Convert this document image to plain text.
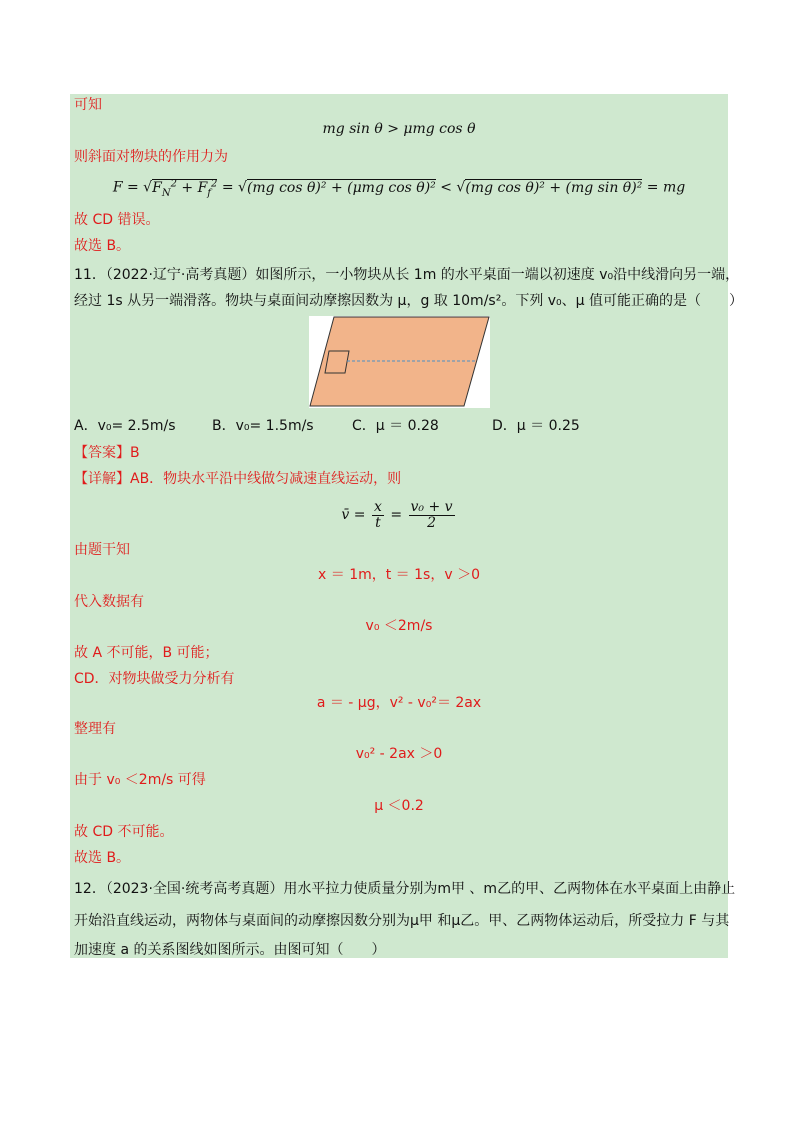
可知
mg sin θ > μmg cos θ
则斜面对物块的作用力为
$F = √F_N^2 + F_f^2 = √(mg$ cos θ)² + (μmg cos θ)² < √(mg cos θ)² + (mg sin θ)² = mg
故 CD 错误。
故选 B。
11．（2022·辽宁·高考真题）如图所示，一小物块从长 1m 的水平桌面一端以初速度 v₀沿中线滑向另一端，
经过 1s 从另一端滑落。物块与桌面间动摩擦因数为 μ，g 取 10m/s²。下列 v₀、μ 值可能正确的是（　　）
A．v₀= 2.5m/s	B．v₀= 1.5m/s	C．μ ＝ 0.28	D．μ ＝ 0.25
【答案】B
【详解】AB．物块水平沿中线做匀减速直线运动，则
v̄ = $\frac{x}{t} = \frac{\text{v₀ + v}}{2}$
由题干知
x ＝ 1m，t ＝ 1s，v ＞0
代入数据有
v₀ ＜2m/s
故 A 不可能，B 可能；
CD．对物块做受力分析有
a ＝ - μg，v² - v₀²＝ 2ax
整理有
v₀² - 2ax ＞0
由于 v₀ ＜2m/s 可得
μ ＜0.2
故 CD 不可能。
故选 B。
12．（2023·全国·统考高考真题）用水平拉力使质量分别为m甲 、m乙的甲、乙两物体在水平桌面上由静止
开始沿直线运动，两物体与桌面间的动摩擦因数分别为μ甲 和μ乙。甲、乙两物体运动后，所受拉力 F 与其
加速度 a 的关系图线如图所示。由图可知（　　）
